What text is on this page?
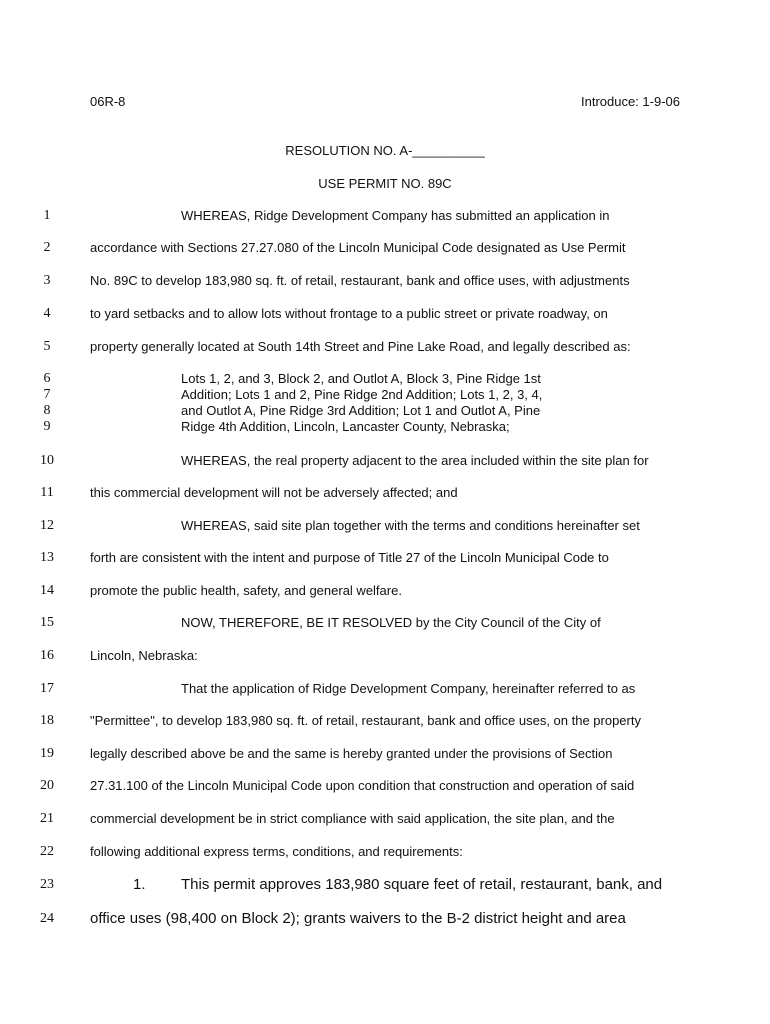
06R-8	Introduce: 1-9-06
RESOLUTION NO. A-__________
USE PERMIT NO. 89C
1	WHEREAS, Ridge Development Company has submitted an application in
2	accordance with Sections 27.27.080 of the Lincoln Municipal Code designated as Use Permit
3	No. 89C to develop 183,980 sq. ft. of retail, restaurant, bank and office uses, with adjustments
4	to yard setbacks and to allow lots without frontage to a public street or private roadway, on
5	property generally located at South 14th Street and Pine Lake Road, and legally described as:
6	Lots 1, 2, and 3, Block 2, and Outlot A, Block 3, Pine Ridge 1st
7	Addition; Lots 1 and 2, Pine Ridge 2nd Addition; Lots 1, 2, 3, 4,
8	and Outlot A, Pine Ridge 3rd Addition; Lot 1 and Outlot A, Pine
9	Ridge 4th Addition, Lincoln, Lancaster County, Nebraska;
10	WHEREAS, the real property adjacent to the area included within the site plan for
11	this commercial development will not be adversely affected; and
12	WHEREAS, said site plan together with the terms and conditions hereinafter set
13	forth are consistent with the intent and purpose of Title 27 of the Lincoln Municipal Code to
14	promote the public health, safety, and general welfare.
15	NOW, THEREFORE, BE IT RESOLVED by the City Council of the City of
16	Lincoln, Nebraska:
17	That the application of Ridge Development Company, hereinafter referred to as
18	"Permittee", to develop 183,980 sq. ft. of retail, restaurant, bank and office uses, on the property
19	legally described above be and the same is hereby granted under the provisions of Section
20	27.31.100 of the Lincoln Municipal Code upon condition that construction and operation of said
21	commercial development be in strict compliance with said application, the site plan, and the
22	following additional express terms, conditions, and requirements:
23	1. This permit approves 183,980 square feet of retail, restaurant, bank, and
24 office uses (98,400 on Block 2); grants waivers to the B-2 district height and area
